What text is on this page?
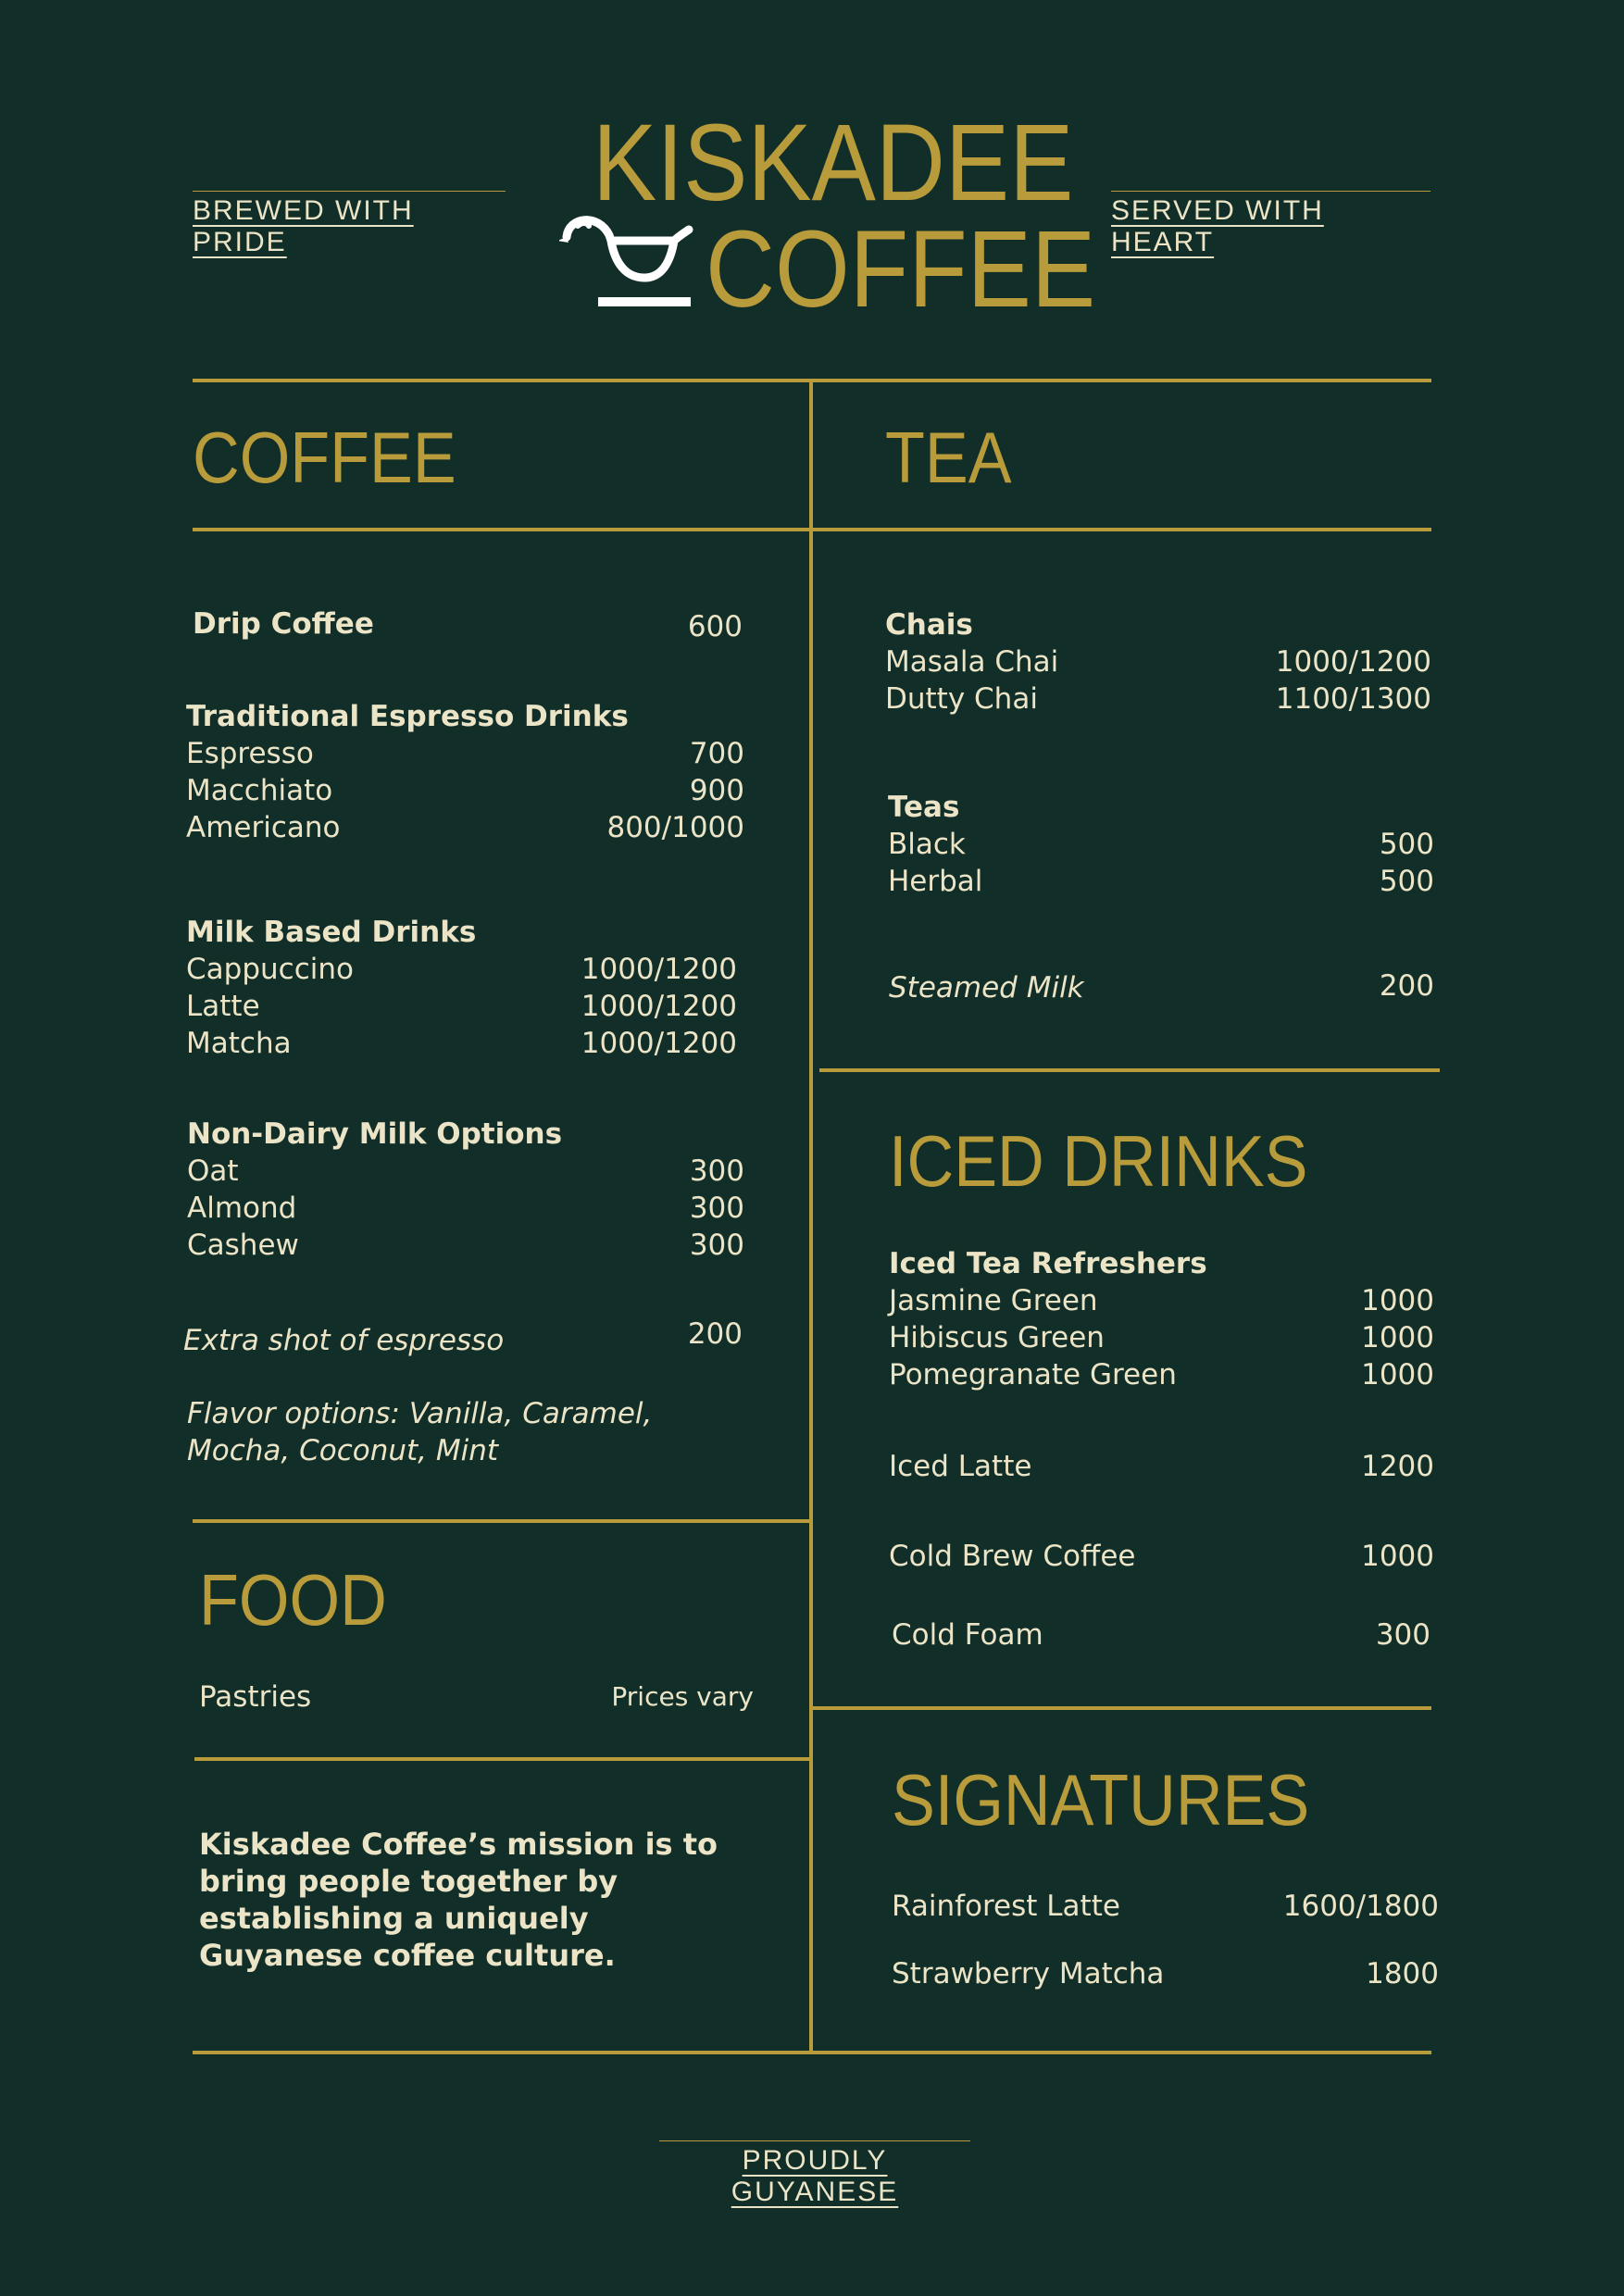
BREWED WITH PRIDE
SERVED WITH HEART
KISKADEE
COFFEE
COFFEE
Drip Coffee	600
Traditional Espresso Drinks
Espresso	700
Macchiato	900
Americano	800/1000
Milk Based Drinks
Cappuccino	1000/1200
Latte	1000/1200
Matcha	1000/1200
Non-Dairy Milk Options
Oat	300
Almond	300
Cashew	300
Extra shot of espresso	200
Flavor options: Vanilla, Caramel,
Mocha, Coconut, Mint
FOOD
Pastries	Prices vary
Kiskadee Coffee’s mission is to bring people together by establishing a uniquely Guyanese coffee culture.
TEA
Chais
Masala Chai	1000/1200
Dutty Chai	1100/1300
Teas
Black	500
Herbal	500
Steamed Milk	200
ICED DRINKS
Iced Tea Refreshers
Jasmine Green	1000
Hibiscus Green	1000
Pomegranate Green	1000
Iced Latte	1200
Cold Brew Coffee	1000
Cold Foam	300
SIGNATURES
Rainforest Latte	1600/1800
Strawberry Matcha	1800
PROUDLY GUYANESE
